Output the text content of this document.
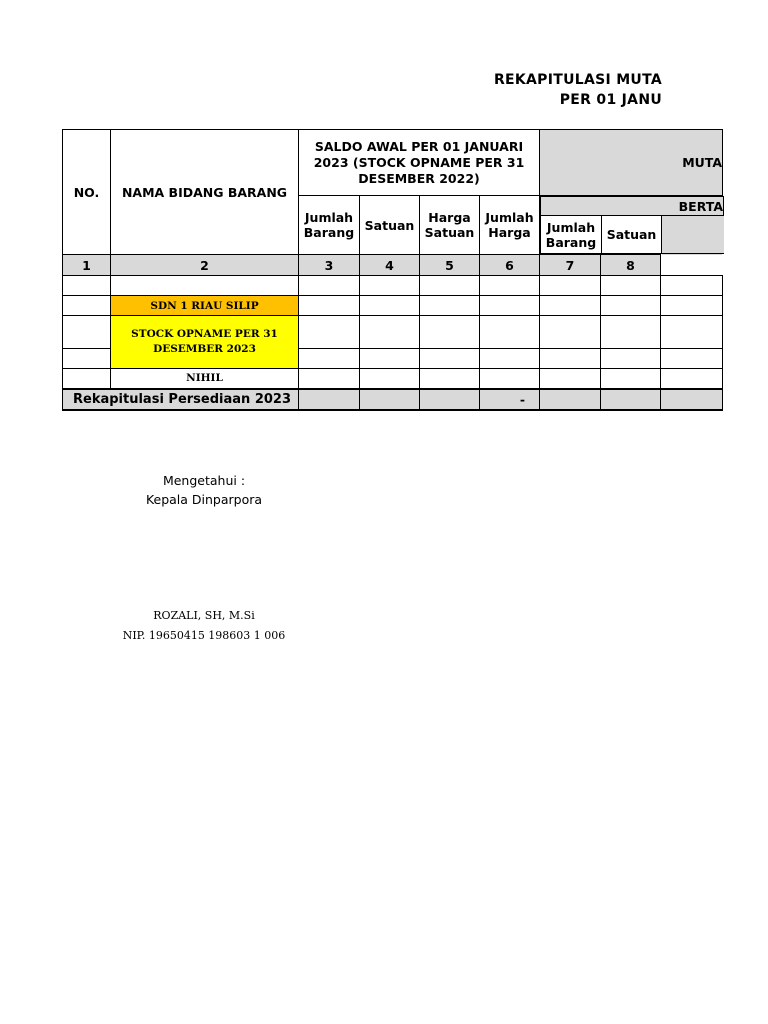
REKAPITULASI MUTA
PER 01 JANU
NO.	NAMA BIDANG BARANG	SALDO AWAL PER 01 JANUARI 2023 (STOCK OPNAME PER 31 DESEMBER 2022)	MUTA
Jumlah Barang	Satuan	Harga Satuan	Jumlah Harga	
BERTA
Jumlah Barang	Satuan	

1	2	3	4	5	6	7	8	

	SDN 1 RIAU SILIP							
	STOCK OPNAME PER 31 DESEMBER 2023							

	NIHIL							
Rekapitulasi Persediaan 2023				-			
Mengetahui :
Kepala Dinparpora
ROZALI, SH, M.Si
NIP. 19650415 198603 1 006
